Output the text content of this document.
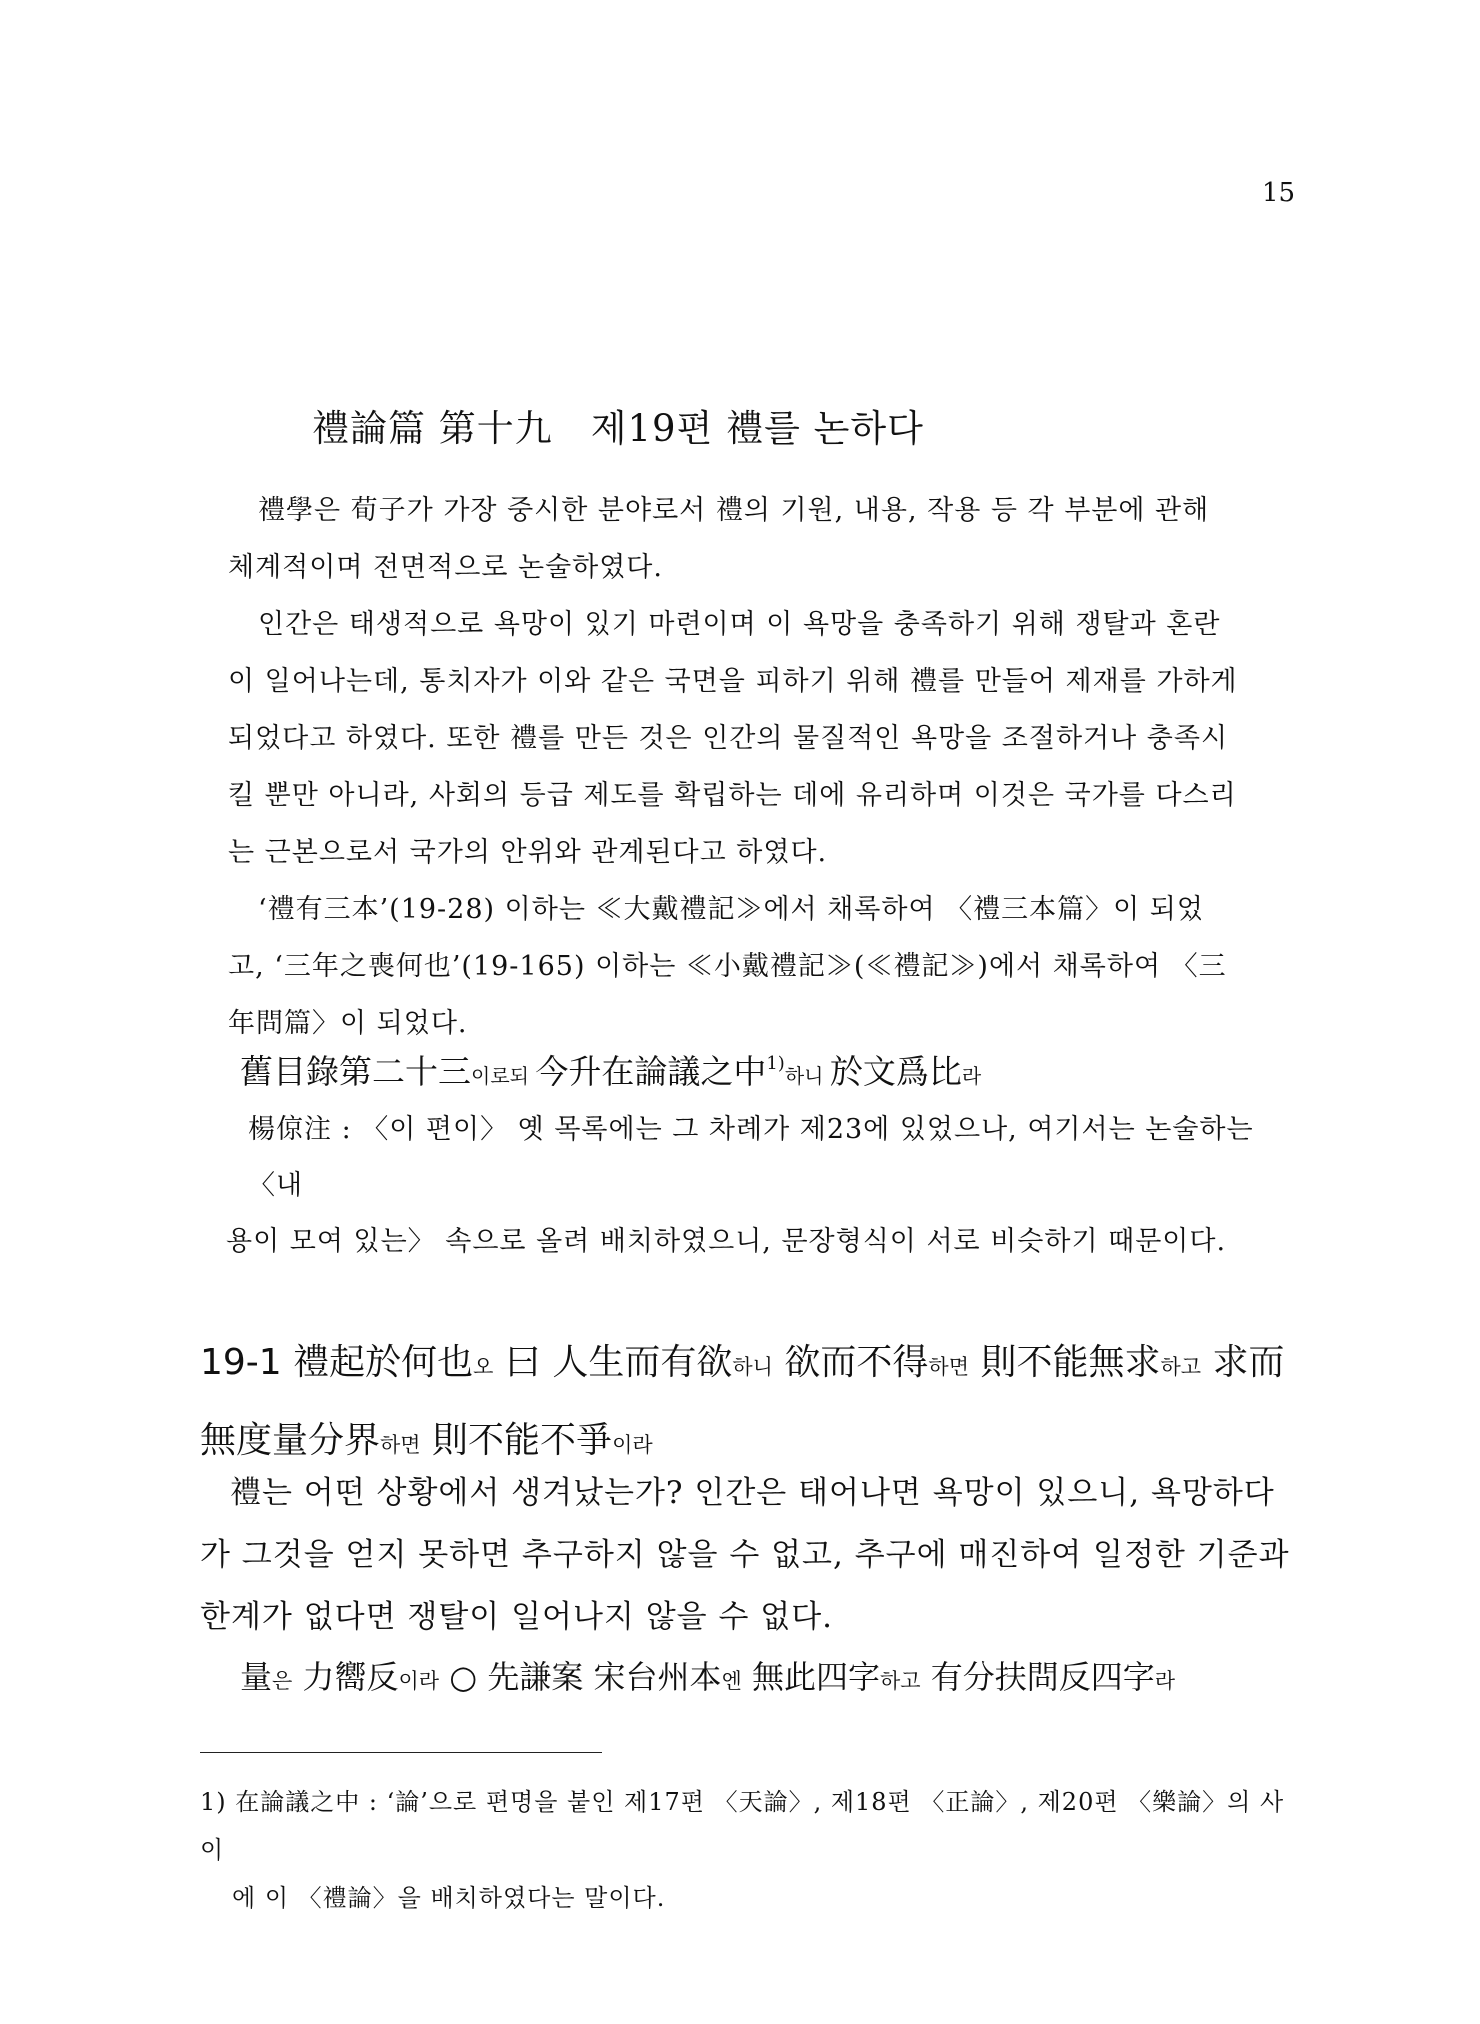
15
禮論篇 第十九　제19편 禮를 논하다

禮學은 荀子가 가장 중시한 분야로서 禮의 기원, 내용, 작용 등 각 부분에 관해 체계적이며 전면적으로 논술하였다.

인간은 태생적으로 욕망이 있기 마련이며 이 욕망을 충족하기 위해 쟁탈과 혼란이 일어나는데, 통치자가 이와 같은 국면을 피하기 위해 禮를 만들어 제재를 가하게 되었다고 하였다. 또한 禮를 만든 것은 인간의 물질적인 욕망을 조절하거나 충족시킬 뿐만 아니라, 사회의 등급 제도를 확립하는 데에 유리하며 이것은 국가를 다스리는 근본으로서 국가의 안위와 관계된다고 하였다.

‘禮有三本’(19-28) 이하는 ≪大戴禮記≫에서 채록하여 〈禮三本篇〉이 되었고, ‘三年之喪何也’(19-165) 이하는 ≪小戴禮記≫(≪禮記≫)에서 채록하여 〈三年問篇〉이 되었다.

舊目錄第二十三이로되 今升在論議之中$^{1)}$하니 於文爲比라
楊倞注 : 〈이 편이〉 옛 목록에는 그 차례가 제23에 있었으나, 여기서는 논술하는 〈내
용이 모여 있는〉 속으로 올려 배치하였으니, 문장형식이 서로 비슷하기 때문이다.
19-1 禮起於何也오 曰 人生而有欲하니 欲而不得하면 則不能無求하고 求而無度量分界하면 則不能不爭이라

禮는 어떤 상황에서 생겨났는가? 인간은 태어나면 욕망이 있으니, 욕망하다가 그것을 얻지 못하면 추구하지 않을 수 없고, 추구에 매진하여 일정한 기준과 한계가 없다면 쟁탈이 일어나지 않을 수 없다.

量은 力嚮反이라 ○ 先謙案 宋台州本엔 無此四字하고 有分扶問反四字라
1) 在論議之中 : ‘論’으로 편명을 붙인 제17편 〈天論〉, 제18편 〈正論〉, 제20편 〈樂論〉의 사이
에 이 〈禮論〉을 배치하였다는 말이다.
